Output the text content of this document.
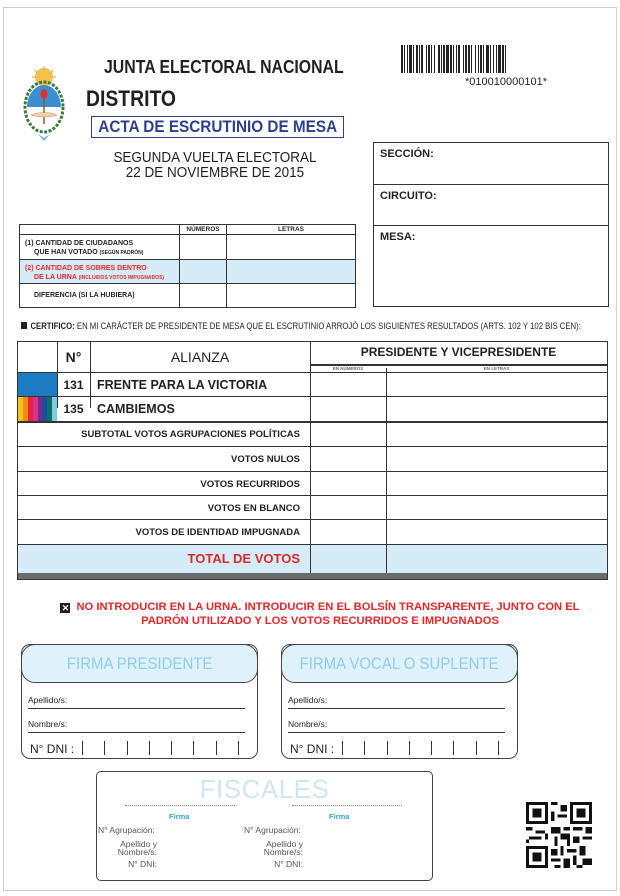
JUNTA ELECTORAL NACIONAL
DISTRITO
ACTA DE ESCRUTINIO DE MESA
SEGUNDA VUELTA ELECTORAL
22 DE NOVIEMBRE DE 2015
*010010000101*
SECCIÓN:
CIRCUITO:
MESA:
NÚMEROS	LETRAS
(1) CANTIDAD DE CIUDADANOS
QUE HAN VOTADO (SEGÚN PADRÓN)
(2) CANTIDAD DE SOBRES DENTRO
DE LA URNA (INCLUIDOS VOTOS IMPUGNADOS)
DIFERENCIA (SI LA HUBIERA)
CERTIFICO: EN MI CARÁCTER DE PRESIDENTE DE MESA QUE EL ESCRUTINIO ARROJÓ LOS SIGUIENTES RESULTADOS (ARTS. 102 Y 102 BIS CEN):
N°	ALIANZA	PRESIDENTE Y VICEPRESIDENTE
EN NÚMEROS	EN LETRAS
131	FRENTE PARA LA VICTORIA
135	CAMBIEMOS
SUBTOTAL VOTOS AGRUPACIONES POLÍTICAS
VOTOS NULOS
VOTOS RECURRIDOS
VOTOS EN BLANCO
VOTOS DE IDENTIDAD IMPUGNADA
TOTAL DE VOTOS
✕ NO INTRODUCIR EN LA URNA. INTRODUCIR EN EL BOLSÍN TRANSPARENTE, JUNTO CON EL
PADRÓN UTILIZADO Y LOS VOTOS RECURRIDOS E IMPUGNADOS
FIRMA PRESIDENTE
Apellido/s:
Nombre/s:
N° DNI :
FIRMA VOCAL O SUPLENTE
Apellido/s:
Nombre/s:
N° DNI :
FISCALES
Firma	Firma
N° Agrupación:
Apellido y
Nombre/s:
N° DNI:
N° Agrupación:
Apellido y
Nombre/s:
N° DNI:
